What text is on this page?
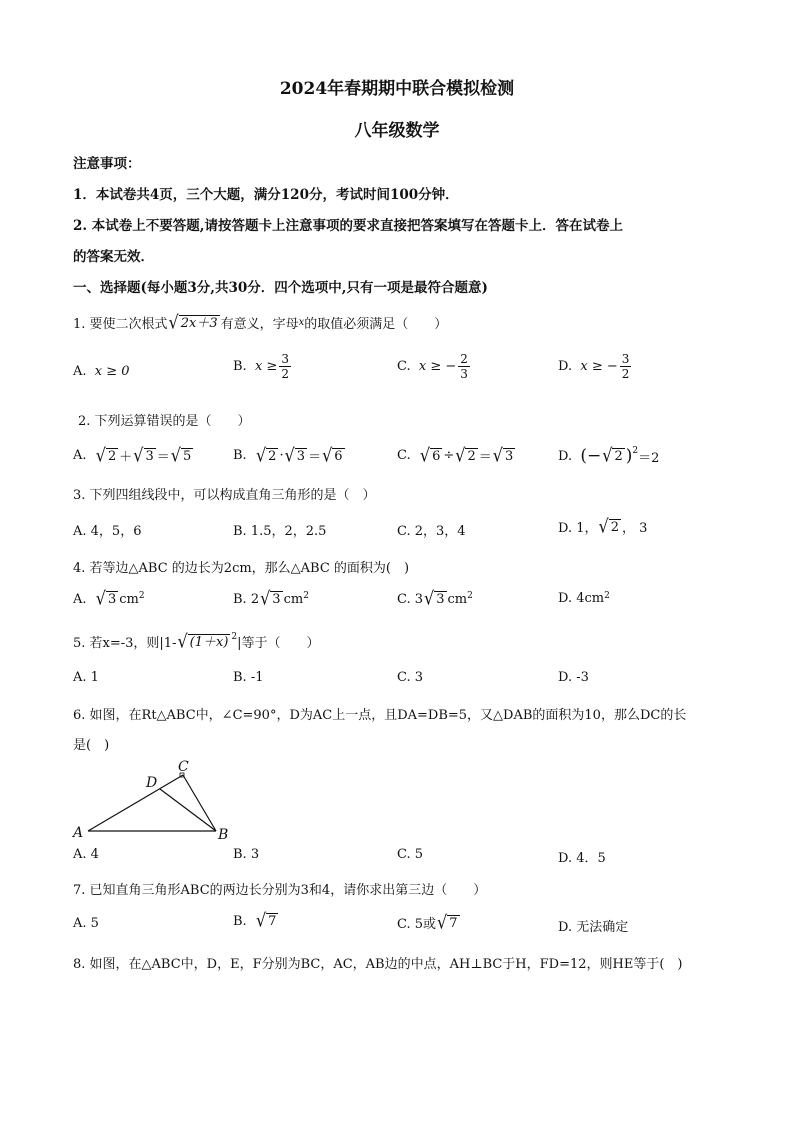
2024年春期期中联合模拟检测
八年级数学
注意事项：
1．本试卷共4页，三个大题，满分120分，考试时间100分钟．
2. 本试卷上不要答题,请按答题卡上注意事项的要求直接把答案填写在答题卡上．答在试卷上
的答案无效．
一、选择题(每小题3分,共30分．四个选项中,只有一项是最符合题意)
1. 要使二次根式 √ 2x＋3 有意义，字母 x 的取值必须满足（　　）
A.
x ≥ 0	B.
$x \ge \frac{3}{2}$	C.
x ≥ − $\frac{2}{3}$	D.
x ≥ − $\frac{3}{2}$
2. 下列运算错误的是（　　）
A.
√ 2 ＋ √ 3 ＝ √ 5	B.
√ 2 · √ 3 ＝ √ 6	C.
√ 6 ÷ √ 2 ＝ √ 3	D.
(− √ 2 )$^2$ ＝2
3. 下列四组线段中，可以构成直角三角形的是（　）
A. 4，5，6	B. 1.5，2，2.5	C. 2，3，4	D. 1， √ 2 ， 3
4. 若等边△ABC 的边长为2cm，那么△ABC 的面积为(　)
A.
√ 3 $cm^2$	B. 2 √ 3 $cm^2$	C. 3 √ 3 $cm^2$	D. 4cm 2
5. 若x=-3，则|1- √ (1＋x) $^2$ |等于（　　）
A. 1	B. -1	C. 3	D. -3
6. 如图，在Rt△ABC中，∠C=90°，D为AC上一点，且DA=DB=5，又△DAB的面积为10，那么DC的长
是(　)
A	B
C
D
A. 4	B. 3	C. 5	D. 4．5
7. 已知直角三角形ABC的两边长分别为3和4，请你求出第三边（　　）
A. 5	B.
√ 7	C. 5或 √ 7	D. 无法确定
8. 如图，在△ABC中，D，E，F分别为BC，AC，AB边的中点，AH⊥BC于H，FD=12，则HE等于(　)
